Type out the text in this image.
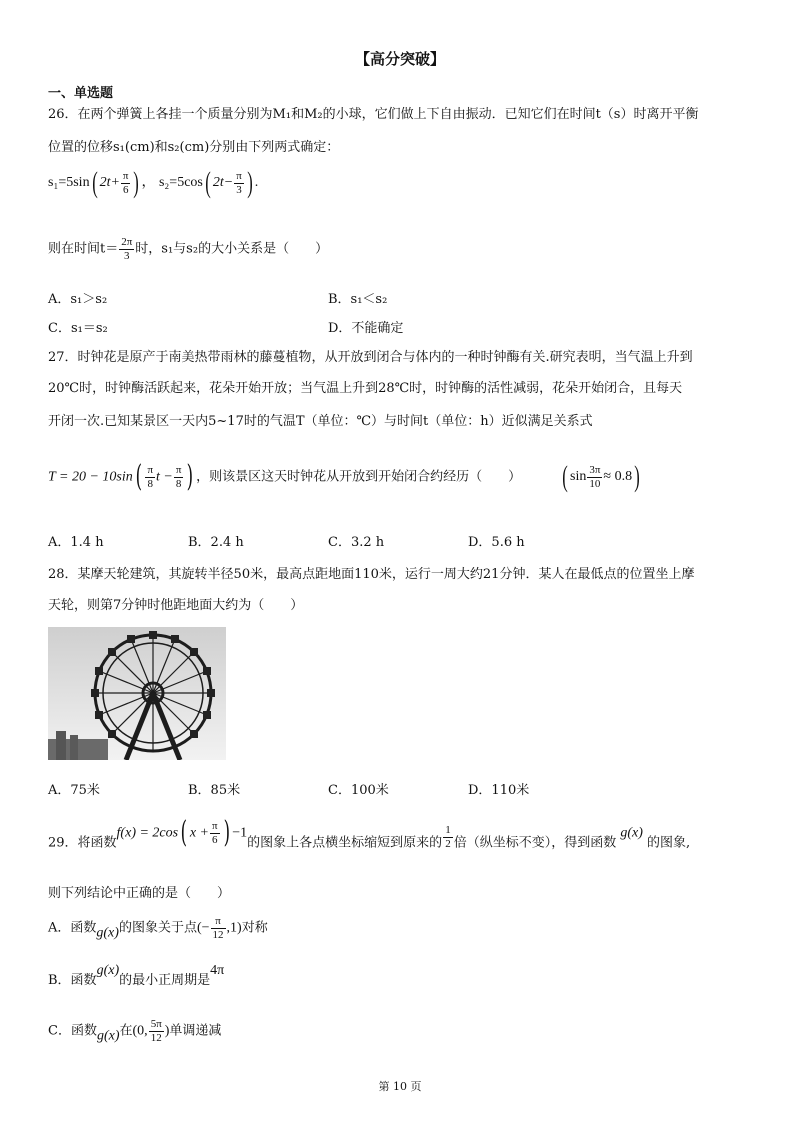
【高分突破】
一、单选题
26．在两个弹簧上各挂一个质量分别为M₁和M₂的小球，它们做上下自由振动．已知它们在时间t（s）时离开平衡
位置的位移s₁(cm)和s₂(cm)分别由下列两式确定：
s₁=5sin( $2t+ \frac{\pi}{6}$ ) ， s₂=5cos( $2t- \frac{\pi}{3}$ ) .
则在时间$t= \frac{2\pi}{3}$ 时，s₁与s₂的大小关系是（　　）
A．s₁＞s₂	B．s₁＜s₂
C．s₁＝s₂	D．不能确定
27．时钟花是原产于南美热带雨林的藤蔓植物，从开放到闭合与体内的一种时钟酶有关.研究表明，当气温上升到
20℃时，时钟酶活跃起来，花朵开始开放；当气温上升到28℃时，时钟酶的活性减弱，花朵开始闭合，且每天
开闭一次.已知某景区一天内5~17时的气温T（单位：℃）与时间t（单位：h）近似满足关系式
$T = 20 - 10\sin( \frac{\pi}{8}$ $t - \frac{\pi}{8}$ ) ，则该景区这天时钟花从开放到开始闭合约经历（　　） ( $\sin \frac{3\pi}{10} \approx 0.8$)
A．1.4 h	B．2.4 h	C．3.2 h	D．5.6 h
28．某摩天轮建筑，其旋转半径50米，最高点距地面110米，运行一周大约21分钟．某人在最低点的位置坐上摩
天轮，则第7分钟时他距地面大约为（　　）
A．75米	B．85米	C．100米	D．110米
29．将函数f(x) = 2cos( $x + \frac{\pi}{6}$ ) −1的图象上各点横坐标缩短到原来的 $\frac{1}{2}$ 倍（纵坐标不变），得到函数 g(x) 的图象,
则下列结论中正确的是（　　）
A．函数g(x)的图象关于点(− $\frac{\pi}{12} ,1$)对称
B．函数g(x)的最小正周期是4π
C．函数g(x)在(0, $\frac{5\pi}{12}$ )单调递减
第 10 页
